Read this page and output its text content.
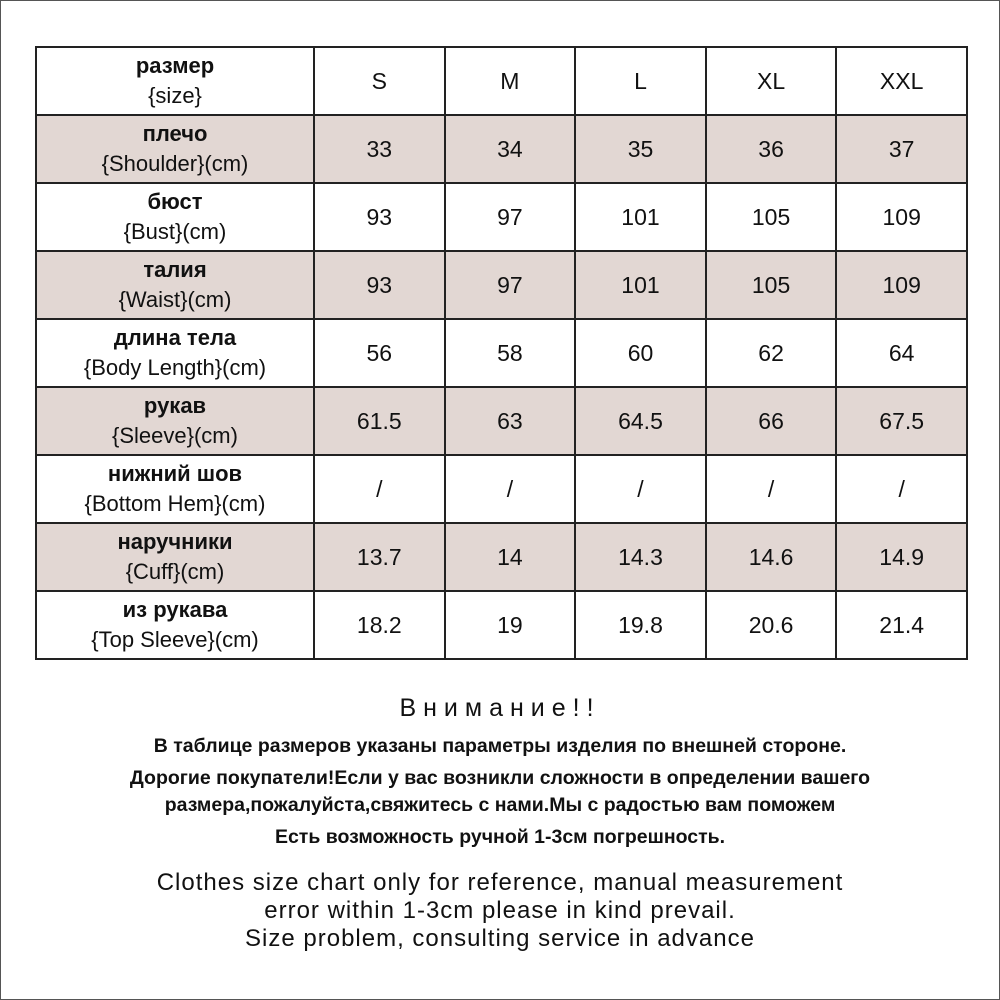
размер
{size}	S	M	L	XL	XXL

плечо
{Shoulder}(cm)	33	34	35	36	37

бюст
{Bust}(cm)	93	97	101	105	109

талия
{Waist}(cm)	93	97	101	105	109

длина тела
{Body Length}(cm)	56	58	60	62	64

рукав
{Sleeve}(cm)	61.5	63	64.5	66	67.5

нижний шов
{Bottom Hem}(cm)	/	/	/	/	/

наручники
{Cuff}(cm)	13.7	14	14.3	14.6	14.9

из рукава
{Top Sleeve}(cm)	18.2	19	19.8	20.6	21.4
Внимание!!
В таблице размеров указаны параметры изделия по внешней стороне.
Дорогие покупатели!Если у вас возникли сложности в определении вашего
размера,пожалуйста,свяжитесь с нами.Мы с радостью вам поможем
Есть возможность ручной 1-3см погрешность.
Clothes size chart only for reference, manual measurement
error within 1-3cm please in kind prevail.
Size problem, consulting service in advance
